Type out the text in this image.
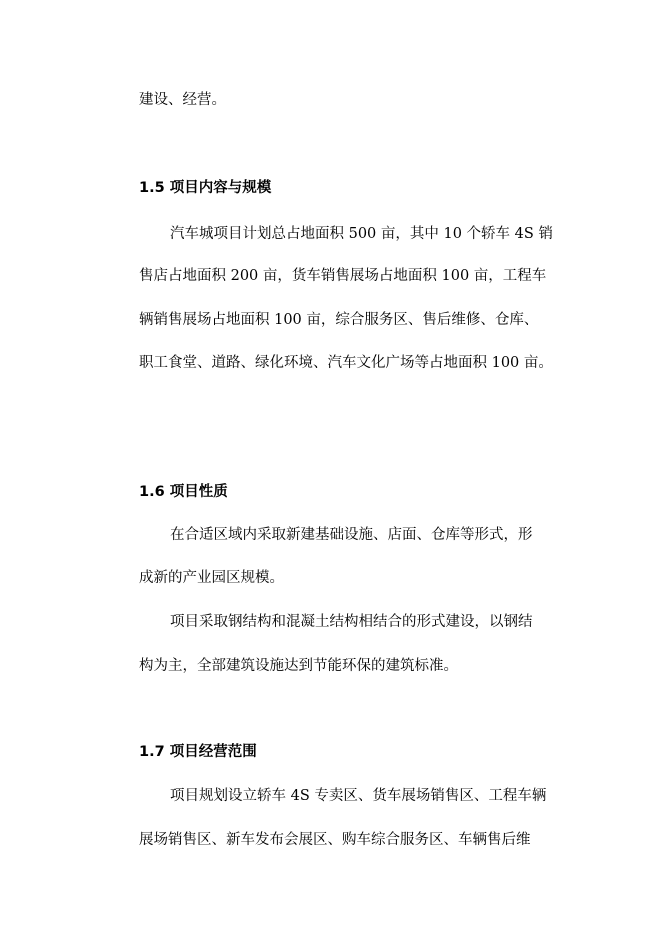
建设、经营。
1.5 项目内容与规模
汽车城项目计划总占地面积 500 亩，其中 10 个轿车 4S 销
售店占地面积 200 亩，货车销售展场占地面积 100 亩，工程车
辆销售展场占地面积 100 亩，综合服务区、售后维修、仓库、
职工食堂、道路、绿化环境、汽车文化广场等占地面积 100 亩。
1.6 项目性质
在合适区域内采取新建基础设施、店面、仓库等形式，形
成新的产业园区规模。
项目采取钢结构和混凝土结构相结合的形式建设，以钢结
构为主，全部建筑设施达到节能环保的建筑标准。
1.7 项目经营范围
项目规划设立轿车 4S 专卖区、货车展场销售区、工程车辆
展场销售区、新车发布会展区、购车综合服务区、车辆售后维
